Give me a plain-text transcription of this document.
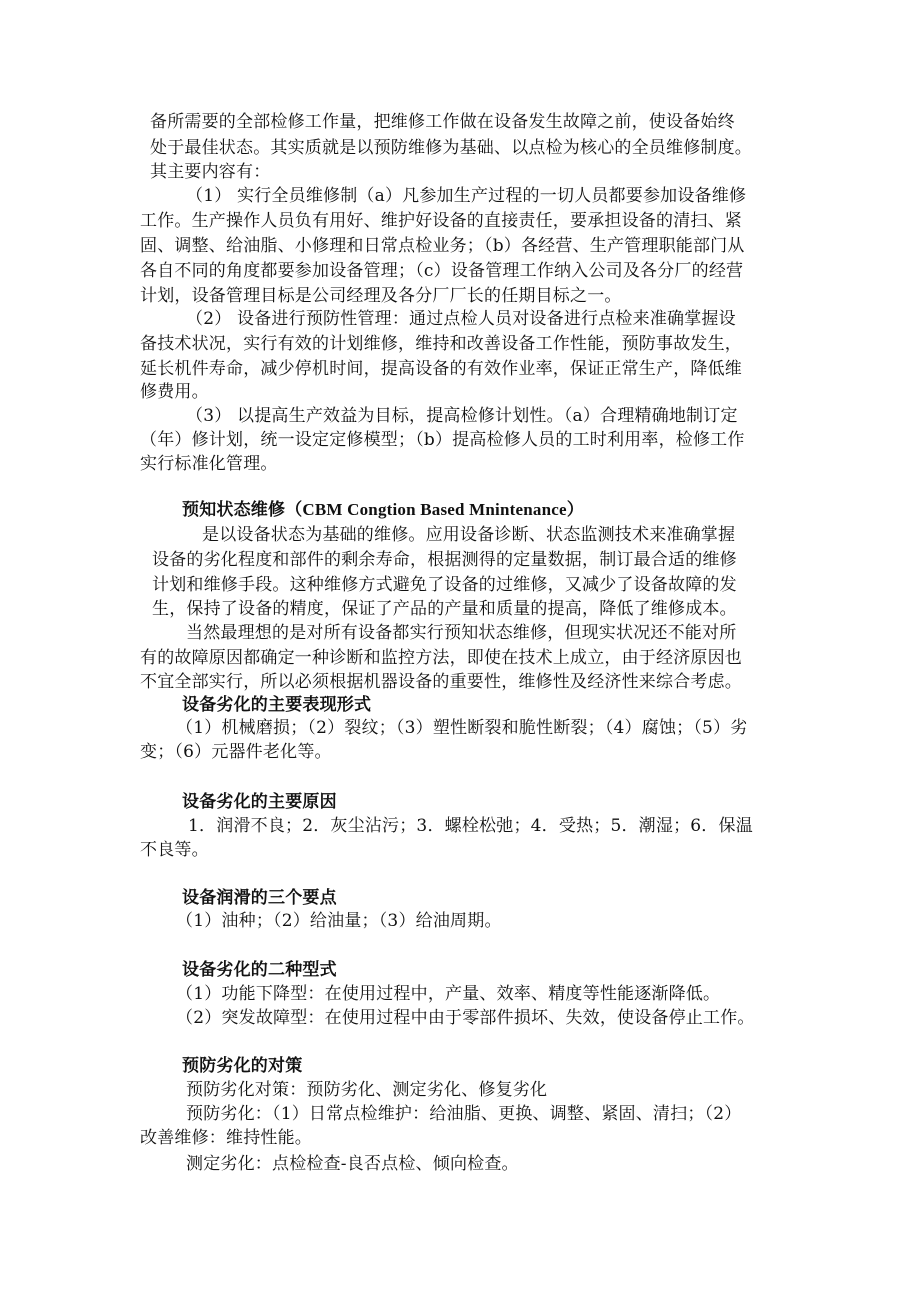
备所需要的全部检修工作量，把维修工作做在设备发生故障之前，使设备始终

处于最佳状态。其实质就是以预防维修为基础、以点检为核心的全员维修制度。

其主要内容有：

（1） 实行全员维修制（a）凡参加生产过程的一切人员都要参加设备维修

工作。生产操作人员负有用好、维护好设备的直接责任，要承担设备的清扫、紧

固、调整、给油脂、小修理和日常点检业务；（b）各经营、生产管理职能部门从

各自不同的角度都要参加设备管理；（c）设备管理工作纳入公司及各分厂的经营

计划，设备管理目标是公司经理及各分厂厂长的任期目标之一。

（2） 设备进行预防性管理：通过点检人员对设备进行点检来准确掌握设

备技术状况，实行有效的计划维修，维持和改善设备工作性能，预防事故发生，

延长机件寿命，减少停机时间，提高设备的有效作业率，保证正常生产，降低维

修费用。

（3） 以提高生产效益为目标，提高检修计划性。（a）合理精确地制订定

（年）修计划，统一设定定修模型；（b）提高检修人员的工时利用率，检修工作

实行标准化管理。

预知状态维修（CBM Congtion Based Mnintenance）

是以设备状态为基础的维修。应用设备诊断、状态监测技术来准确掌握

设备的劣化程度和部件的剩余寿命，根据测得的定量数据，制订最合适的维修

计划和维修手段。这种维修方式避免了设备的过维修，又减少了设备故障的发

生，保持了设备的精度，保证了产品的产量和质量的提高，降低了维修成本。

当然最理想的是对所有设备都实行预知状态维修，但现实状况还不能对所

有的故障原因都确定一种诊断和监控方法，即使在技术上成立，由于经济原因也

不宜全部实行，所以必须根据机器设备的重要性，维修性及经济性来综合考虑。

设备劣化的主要表现形式

（1）机械磨损；（2）裂纹；（3）塑性断裂和脆性断裂；（4）腐蚀；（5）劣

变；（6）元器件老化等。

设备劣化的主要原因

1．润滑不良；2．灰尘沾污；3．螺栓松弛；4．受热；5．潮湿；6．保温

不良等。

设备润滑的三个要点

（1）油种；（2）给油量；（3）给油周期。

设备劣化的二种型式

（1）功能下降型：在使用过程中，产量、效率、精度等性能逐渐降低。

（2）突发故障型：在使用过程中由于零部件损坏、失效，使设备停止工作。

预防劣化的对策

预防劣化对策：预防劣化、测定劣化、修复劣化

预防劣化：（1）日常点检维护：给油脂、更换、调整、紧固、清扫；（2）

改善维修：维持性能。

测定劣化：点检检查-良否点检、倾向检查。
